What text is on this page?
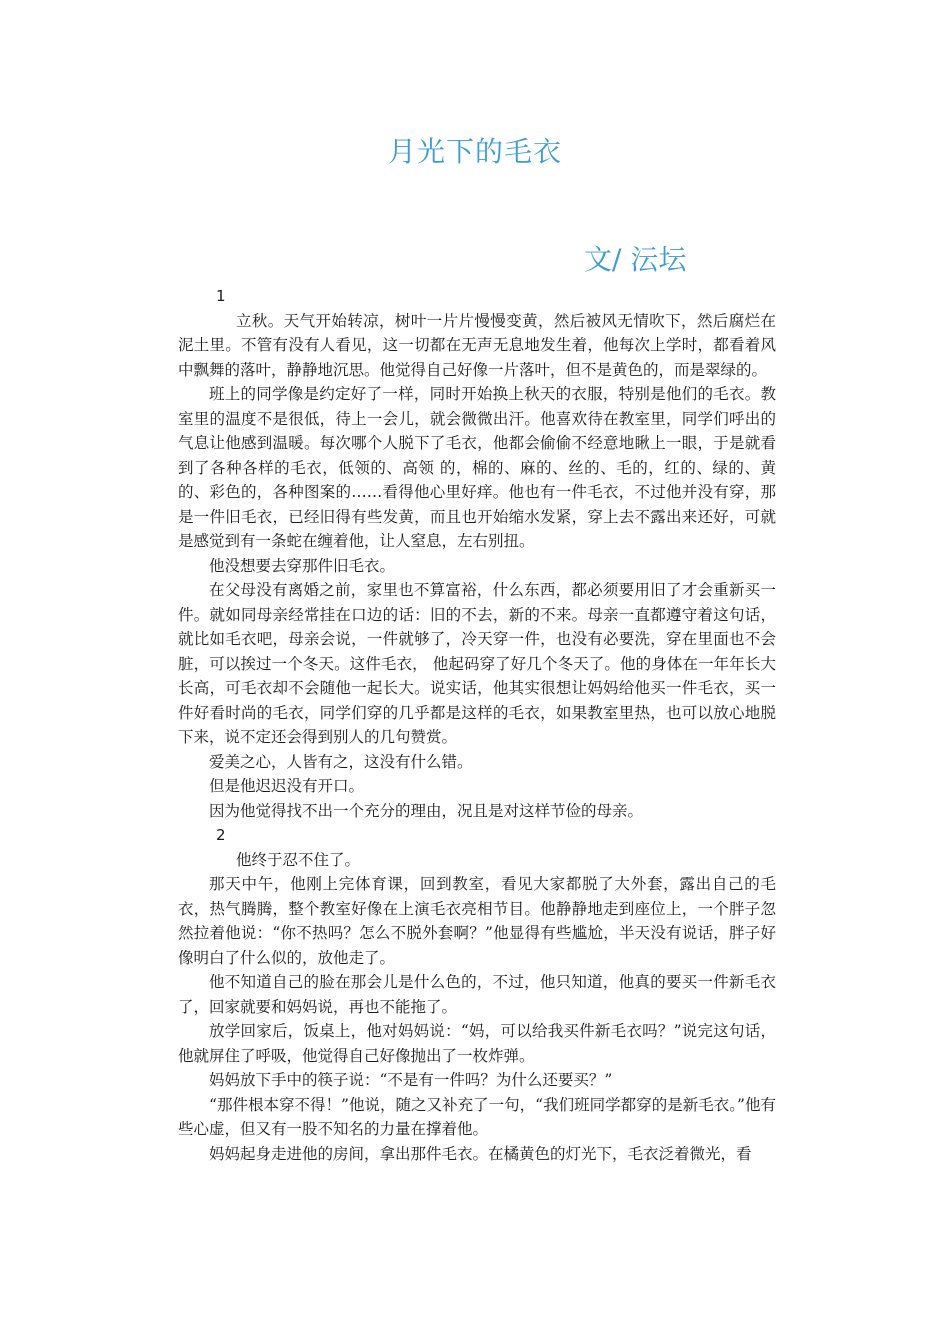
月光下的毛衣
文/ 沄坛

1

立秋。天气开始转凉，树叶一片片慢慢变黄，然后被风无情吹下，然后腐烂在泥土里。不管有没有人看见，这一切都在无声无息地发生着，他每次上学时，都看着风中飘舞的落叶，静静地沉思。他觉得自己好像一片落叶，但不是黄色的，而是翠绿的。

班上的同学像是约定好了一样，同时开始换上秋天的衣服，特别是他们的毛衣。教室里的温度不是很低，待上一会儿，就会微微出汗。他喜欢待在教室里，同学们呼出的气息让他感到温暖。每次哪个人脱下了毛衣，他都会偷偷不经意地瞅上一眼，于是就看到了各种各样的毛衣，低领的、高领 的，棉的、麻的、丝的、毛的，红的、绿的、黄的、彩色的，各种图案的……看得他心里好痒。他也有一件毛衣，不过他并没有穿，那是一件旧毛衣，已经旧得有些发黄，而且也开始缩水发紧，穿上去不露出来还好，可就是感觉到有一条蛇在缠着他，让人窒息，左右别扭。

他没想要去穿那件旧毛衣。

在父母没有离婚之前，家里也不算富裕，什么东西，都必须要用旧了才会重新买一件。就如同母亲经常挂在口边的话：旧的不去，新的不来。母亲一直都遵守着这句话，就比如毛衣吧，母亲会说，一件就够了，冷天穿一件，也没有必要洗，穿在里面也不会脏，可以挨过一个冬天。这件毛衣， 他起码穿了好几个冬天了。他的身体在一年年长大长高，可毛衣却不会随他一起长大。说实话，他其实很想让妈妈给他买一件毛衣，买一件好看时尚的毛衣，同学们穿的几乎都是这样的毛衣，如果教室里热，也可以放心地脱下来，说不定还会得到别人的几句赞赏。

爱美之心，人皆有之，这没有什么错。

但是他迟迟没有开口。

因为他觉得找不出一个充分的理由，况且是对这样节俭的母亲。

2

他终于忍不住了。

那天中午，他刚上完体育课，回到教室，看见大家都脱了大外套，露出自己的毛衣，热气腾腾，整个教室好像在上演毛衣亮相节目。他静静地走到座位上，一个胖子忽然拉着他说：“你不热吗？怎么不脱外套啊？”他显得有些尴尬，半天没有说话，胖子好像明白了什么似的，放他走了。

他不知道自己的脸在那会儿是什么色的，不过，他只知道，他真的要买一件新毛衣了，回家就要和妈妈说，再也不能拖了。

放学回家后，饭桌上，他对妈妈说：“妈，可以给我买件新毛衣吗？”说完这句话，他就屏住了呼吸，他觉得自己好像抛出了一枚炸弹。

妈妈放下手中的筷子说：“不是有一件吗？为什么还要买？”

“那件根本穿不得！”他说，随之又补充了一句，“我们班同学都穿的是新毛衣。”他有些心虚，但又有一股不知名的力量在撑着他。

妈妈起身走进他的房间，拿出那件毛衣。在橘黄色的灯光下，毛衣泛着微光，看
